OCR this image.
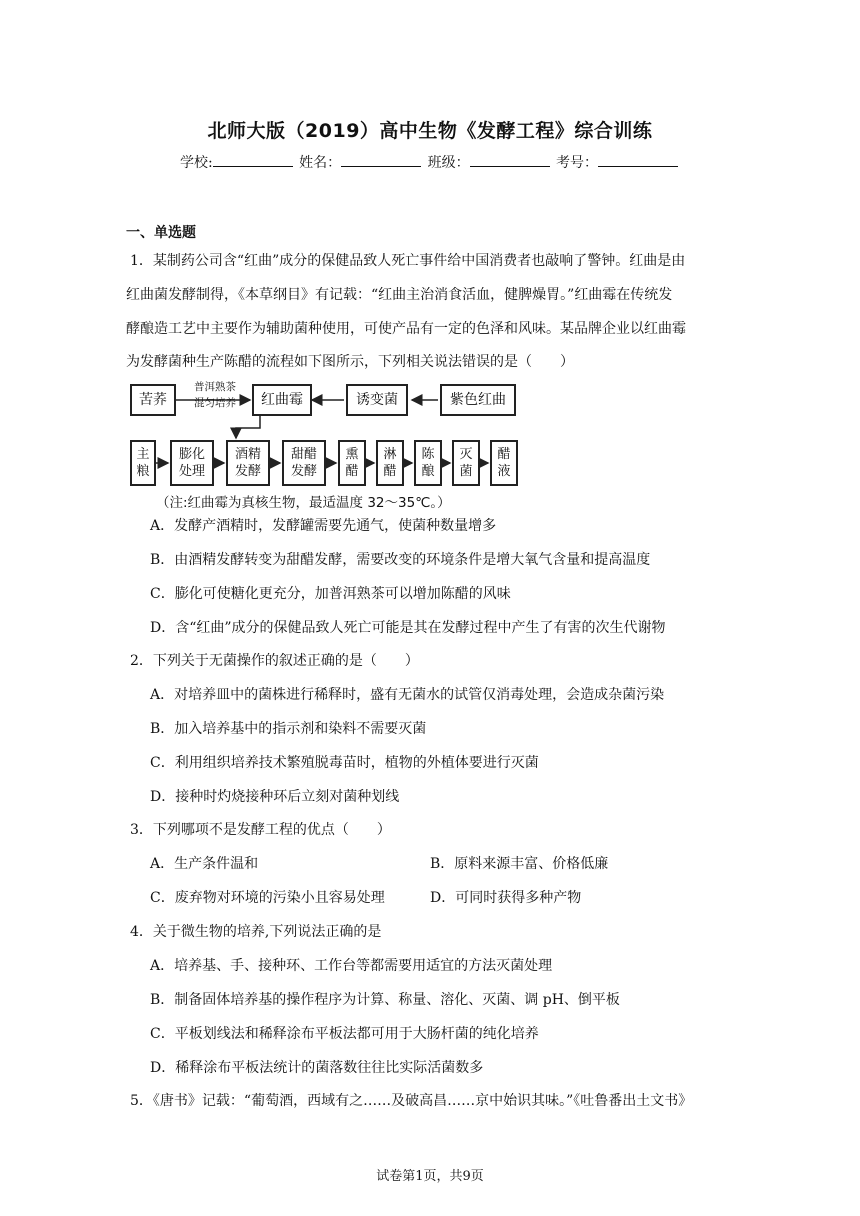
北师大版（2019）高中生物《发酵工程》综合训练
学校:	姓名：	班级：	考号：
一、单选题
1．某制药公司含“红曲”成分的保健品致人死亡事件给中国消费者也敲响了警钟。红曲是由
红曲菌发酵制得，《本草纲目》有记载：“红曲主治消食活血，健脾燥胃。”红曲霉在传统发
酵酿造工艺中主要作为辅助菌种使用，可使产品有一定的色泽和风味。某品牌企业以红曲霉
为发酵菌种生产陈醋的流程如下图所示，下列相关说法错误的是（　　）
苦荞
普洱熟茶
混匀培养	红曲霉	诱变菌	紫色红曲
主
粮
膨化
处理
酒精
发酵
甜醋
发酵
熏
醋
淋
醋
陈
酿
灭
菌
醋
液
（注:红曲霉为真核生物，最适温度 32～35℃。）
A．发酵产酒精时，发酵罐需要先通气，使菌种数量增多
B．由酒精发酵转变为甜醋发酵，需要改变的环境条件是增大氧气含量和提高温度
C．膨化可使糖化更充分，加普洱熟茶可以增加陈醋的风味
D．含“红曲”成分的保健品致人死亡可能是其在发酵过程中产生了有害的次生代谢物
2．下列关于无菌操作的叙述正确的是（　　）
A．对培养皿中的菌株进行稀释时，盛有无菌水的试管仅消毒处理，会造成杂菌污染
B．加入培养基中的指示剂和染料不需要灭菌
C．利用组织培养技术繁殖脱毒苗时，植物的外植体要进行灭菌
D．接种时灼烧接种环后立刻对菌种划线
3．下列哪项不是发酵工程的优点（　　）
A．生产条件温和	B．原料来源丰富、价格低廉
C．废弃物对环境的污染小且容易处理	D．可同时获得多种产物
4．关于微生物的培养,下列说法正确的是
A．培养基、手、接种环、工作台等都需要用适宜的方法灭菌处理
B．制备固体培养基的操作程序为计算、称量、溶化、灭菌、调 pH、倒平板
C．平板划线法和稀释涂布平板法都可用于大肠杆菌的纯化培养
D．稀释涂布平板法统计的菌落数往往比实际活菌数多
5．《唐书》记载：“葡萄酒，西域有之……及破高昌……京中始识其味。”《吐鲁番出土文书》
试卷第1页，共9页
